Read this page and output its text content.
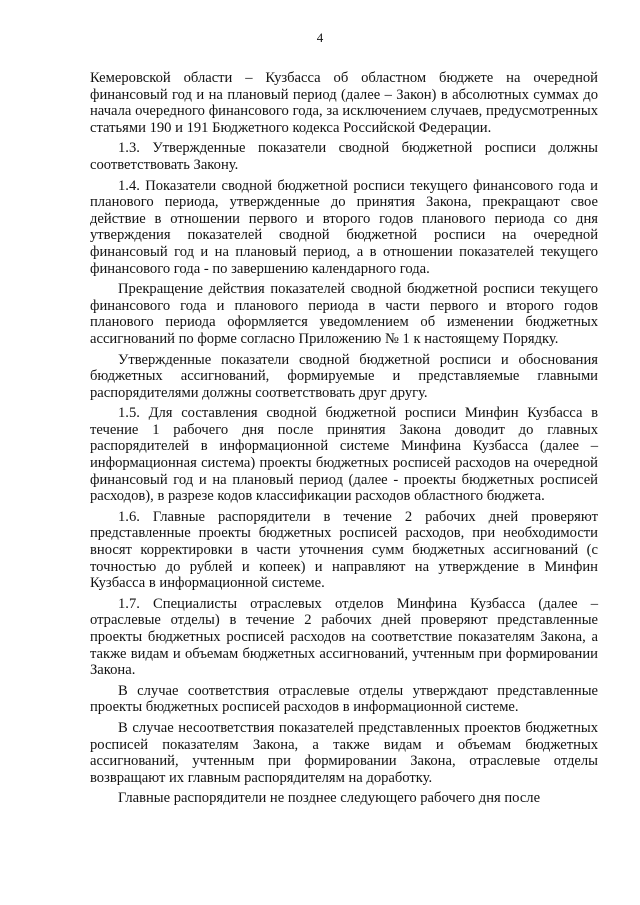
4

Кемеровской области – Кузбасса об областном бюджете на очередной финансовый год и на плановый период (далее – Закон) в абсолютных суммах до начала очередного финансового года, за исключением случаев, предусмотренных статьями 190 и 191 Бюджетного кодекса Российской Федерации.

1.3. Утвержденные показатели сводной бюджетной росписи должны соответствовать Закону.

1.4. Показатели сводной бюджетной росписи текущего финансового года и планового периода, утвержденные до принятия Закона, прекращают свое действие в отношении первого и второго годов планового периода со дня утверждения показателей сводной бюджетной росписи на очередной финансовый год и на плановый период, а в отношении показателей текущего финансового года - по завершению календарного года.

Прекращение действия показателей сводной бюджетной росписи текущего финансового года и планового периода в части первого и второго годов планового периода оформляется уведомлением об изменении бюджетных ассигнований по форме согласно Приложению № 1 к настоящему Порядку.

Утвержденные показатели сводной бюджетной росписи и обоснования бюджетных ассигнований, формируемые и представляемые главными распорядителями должны соответствовать друг другу.

1.5. Для составления сводной бюджетной росписи Минфин Кузбасса в течение 1 рабочего дня после принятия Закона доводит до главных распорядителей в информационной системе Минфина Кузбасса (далее – информационная система) проекты бюджетных росписей расходов на очередной финансовый год и на плановый период (далее - проекты бюджетных росписей расходов), в разрезе кодов классификации расходов областного бюджета.

1.6. Главные распорядители в течение 2 рабочих дней проверяют представленные проекты бюджетных росписей расходов, при необходимости вносят корректировки в части уточнения сумм бюджетных ассигнований (с точностью до рублей и копеек) и направляют на утверждение в Минфин Кузбасса в информационной системе.

1.7. Специалисты отраслевых отделов Минфина Кузбасса (далее – отраслевые отделы) в течение 2 рабочих дней проверяют представленные проекты бюджетных росписей расходов на соответствие показателям Закона, а также видам и объемам бюджетных ассигнований, учтенным при формировании Закона.

В случае соответствия отраслевые отделы утверждают представленные проекты бюджетных росписей расходов в информационной системе.

В случае несоответствия показателей представленных проектов бюджетных росписей показателям Закона, а также видам и объемам бюджетных ассигнований, учтенным при формировании Закона, отраслевые отделы возвращают их главным распорядителям на доработку.

Главные распорядители не позднее следующего рабочего дня после
